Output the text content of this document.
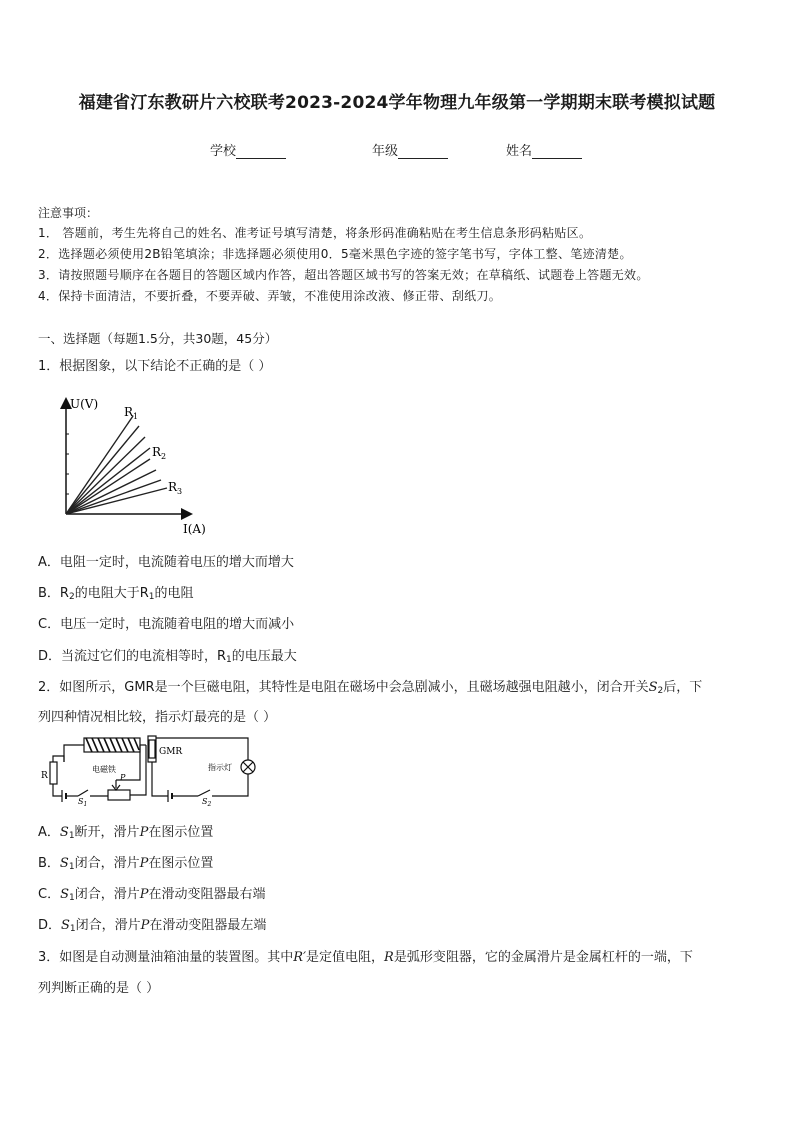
福建省汀东教研片六校联考2023-2024学年物理九年级第一学期期末联考模拟试题
学校	年级	姓名
注意事项：
1． 答题前，考生先将自己的姓名、准考证号填写清楚，将条形码准确粘贴在考生信息条形码粘贴区。
2．选择题必须使用2B铅笔填涂；非选择题必须使用0．5毫米黑色字迹的签字笔书写，字体工整、笔迹清楚。
3．请按照题号顺序在各题目的答题区域内作答，超出答题区域书写的答案无效；在草稿纸、试题卷上答题无效。
4．保持卡面清洁，不要折叠，不要弄破、弄皱，不准使用涂改液、修正带、刮纸刀。
一、选择题（每题1.5分，共30题，45分）
1．根据图象，以下结论不正确的是（ ）
U(V)
I(A)
$R_1$
$R_2$
$R_3$
A．电阻一定时，电流随着电压的增大而增大
B．$R_2$的电阻大于$R_1$的电阻
C．电压一定时，电流随着电阻的增大而减小
D．当流过它们的电流相等时，$R_1$的电压最大
2．如图所示，GMR是一个巨磁电阻，其特性是电阻在磁场中会急剧减小，且磁场越强电阻越小，闭合开关$S_2$后，下
列四种情况相比较，指示灯最亮的是（ ）
电磁铁
GMR
指示灯
R	P
$S_1$	$S_2$
A．$S_1$断开，滑片P在图示位置
B．$S_1$闭合，滑片P在图示位置
C．$S_1$闭合，滑片P在滑动变阻器最右端
D．$S_1$闭合，滑片P在滑动变阻器最左端
3．如图是自动测量油箱油量的装置图。其中R′是定值电阻，R是弧形变阻器，它的金属滑片是金属杠杆的一端，下
列判断正确的是（ ）
